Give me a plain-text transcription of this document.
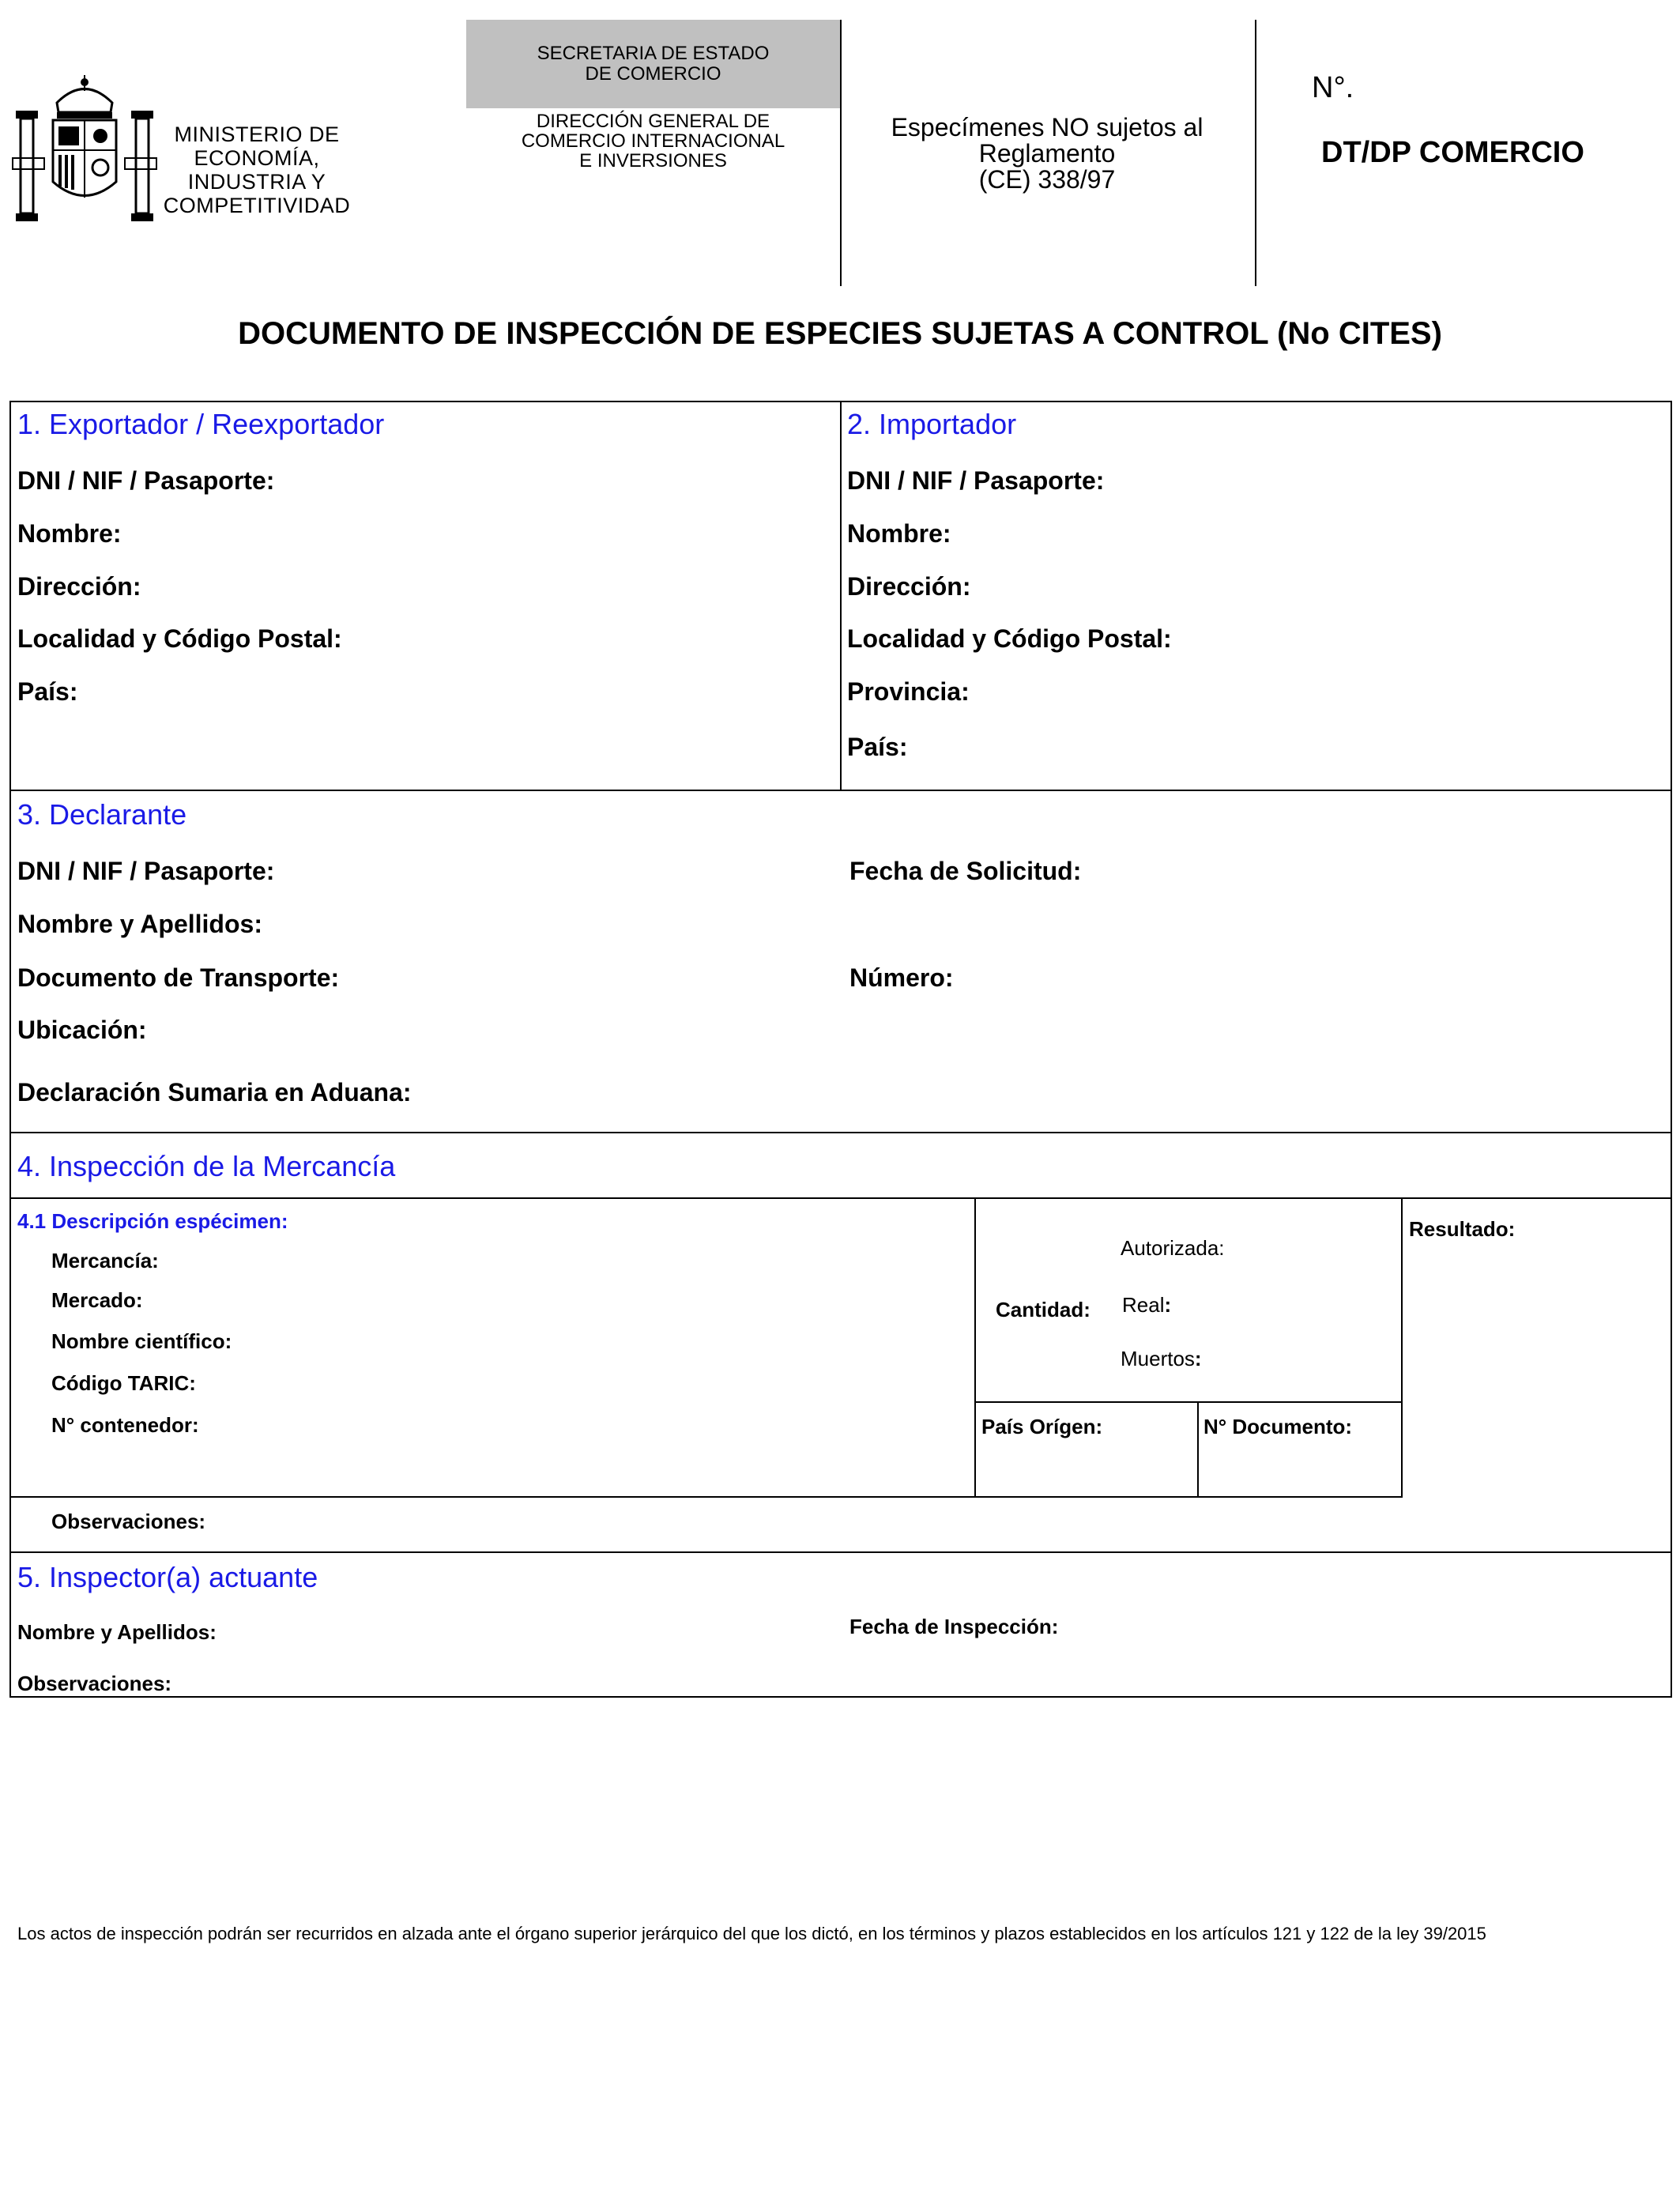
MINISTERIO DE
ECONOMÍA,
INDUSTRIA Y
COMPETITIVIDAD
SECRETARIA DE ESTADO
DE COMERCIO
DIRECCIÓN GENERAL DE
COMERCIO INTERNACIONAL
E INVERSIONES
Especímenes NO sujetos al
Reglamento
(CE) 338/97
N°.
DT/DP COMERCIO
DOCUMENTO DE INSPECCIÓN DE ESPECIES SUJETAS A CONTROL (No CITES)
1. Exportador / Reexportador
DNI / NIF / Pasaporte:
Nombre:
Dirección:
Localidad y Código Postal:
País:
2. Importador
DNI / NIF / Pasaporte:
Nombre:
Dirección:
Localidad y Código Postal:
Provincia:
País:
3. Declarante
DNI / NIF / Pasaporte:	Fecha de Solicitud:
Nombre y Apellidos:
Documento de Transporte:	Número:
Ubicación:
Declaración Sumaria en Aduana:
4. Inspección de la Mercancía
4.1 Descripción espécimen:
Mercancía:
Mercado:
Nombre científico:
Código TARIC:
N° contenedor:
Cantidad:
Autorizada:
Real:
Muertos:
Resultado:
País Orígen:	N° Documento:
Observaciones:
5. Inspector(a) actuante
Nombre y Apellidos:	Fecha de Inspección:
Observaciones:
Los actos de inspección podrán ser recurridos en alzada ante el órgano superior jerárquico del que los dictó, en los términos y plazos establecidos en los artículos 121 y 122 de la ley 39/2015
